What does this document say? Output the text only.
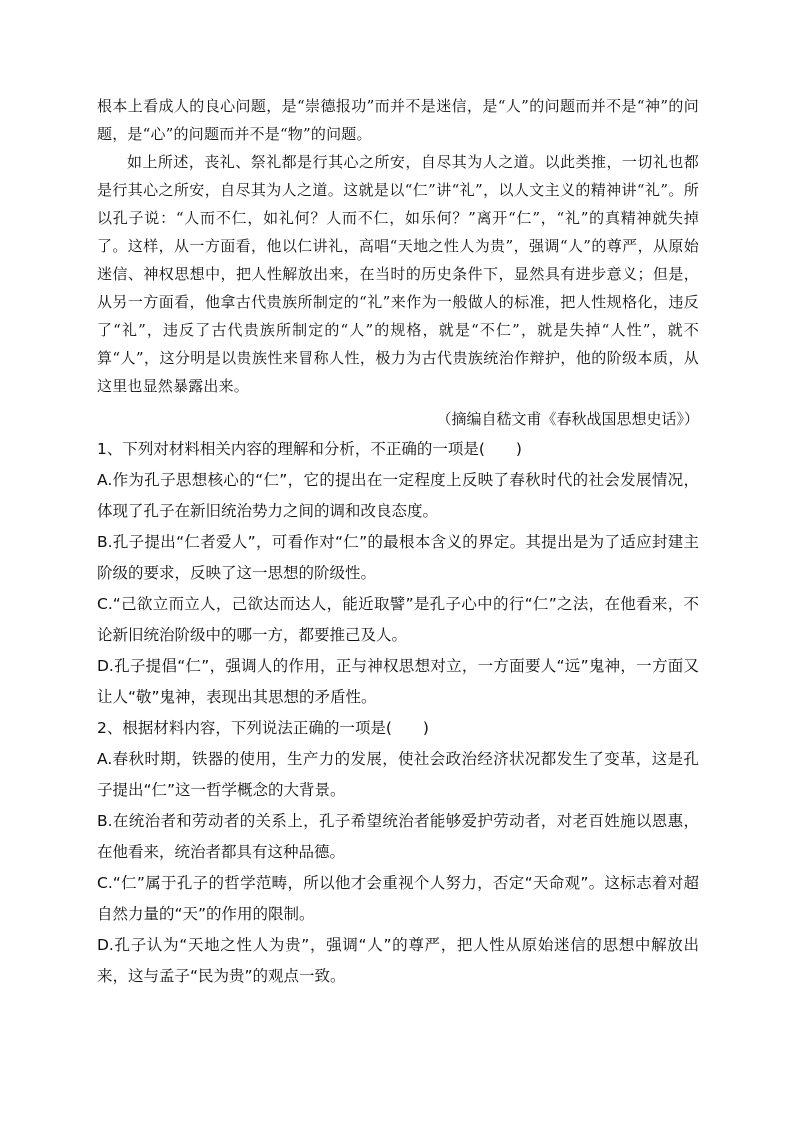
根本上看成人的良心问题，是“崇德报功”而并不是迷信，是“人”的问题而并不是“神”的问题，是“心”的问题而并不是“物”的问题。

如上所述，丧礼、祭礼都是行其心之所安，自尽其为人之道。以此类推，一切礼也都是行其心之所安，自尽其为人之道。这就是以“仁”讲“礼”，以人文主义的精神讲“礼”。所以孔子说：“人而不仁，如礼何？人而不仁，如乐何？”离开“仁”，“礼”的真精神就失掉了。这样，从一方面看，他以仁讲礼，高唱“天地之性人为贵”，强调“人”的尊严，从原始迷信、神权思想中，把人性解放出来，在当时的历史条件下，显然具有进步意义；但是，从另一方面看，他拿古代贵族所制定的“礼”来作为一般做人的标准，把人性规格化，违反了“礼”，违反了古代贵族所制定的“人”的规格，就是“不仁”，就是失掉“人性”，就不算“人”，这分明是以贵族性来冒称人性，极力为古代贵族统治作辩护，他的阶级本质，从这里也显然暴露出来。

（摘编自嵇文甫《春秋战国思想史话》）

1、下列对材料相关内容的理解和分析，不正确的一项是(　　)

A.作为孔子思想核心的“仁”，它的提出在一定程度上反映了春秋时代的社会发展情况，体现了孔子在新旧统治势力之间的调和改良态度。

B.孔子提出“仁者爱人”，可看作对“仁”的最根本含义的界定。其提出是为了适应封建主阶级的要求，反映了这一思想的阶级性。

C.“己欲立而立人，己欲达而达人，能近取譬”是孔子心中的行“仁”之法，在他看来，不论新旧统治阶级中的哪一方，都要推己及人。

D.孔子提倡“仁”，强调人的作用，正与神权思想对立，一方面要人“远”鬼神，一方面又让人“敬”鬼神，表现出其思想的矛盾性。

2、根据材料内容，下列说法正确的一项是(　　)

A.春秋时期，铁器的使用，生产力的发展，使社会政治经济状况都发生了变革，这是孔子提出“仁”这一哲学概念的大背景。

B.在统治者和劳动者的关系上，孔子希望统治者能够爱护劳动者，对老百姓施以恩惠，在他看来，统治者都具有这种品德。

C.“仁”属于孔子的哲学范畴，所以他才会重视个人努力，否定“天命观”。这标志着对超自然力量的“天”的作用的限制。

D.孔子认为“天地之性人为贵”，强调“人”的尊严，把人性从原始迷信的思想中解放出来，这与孟子“民为贵”的观点一致。
